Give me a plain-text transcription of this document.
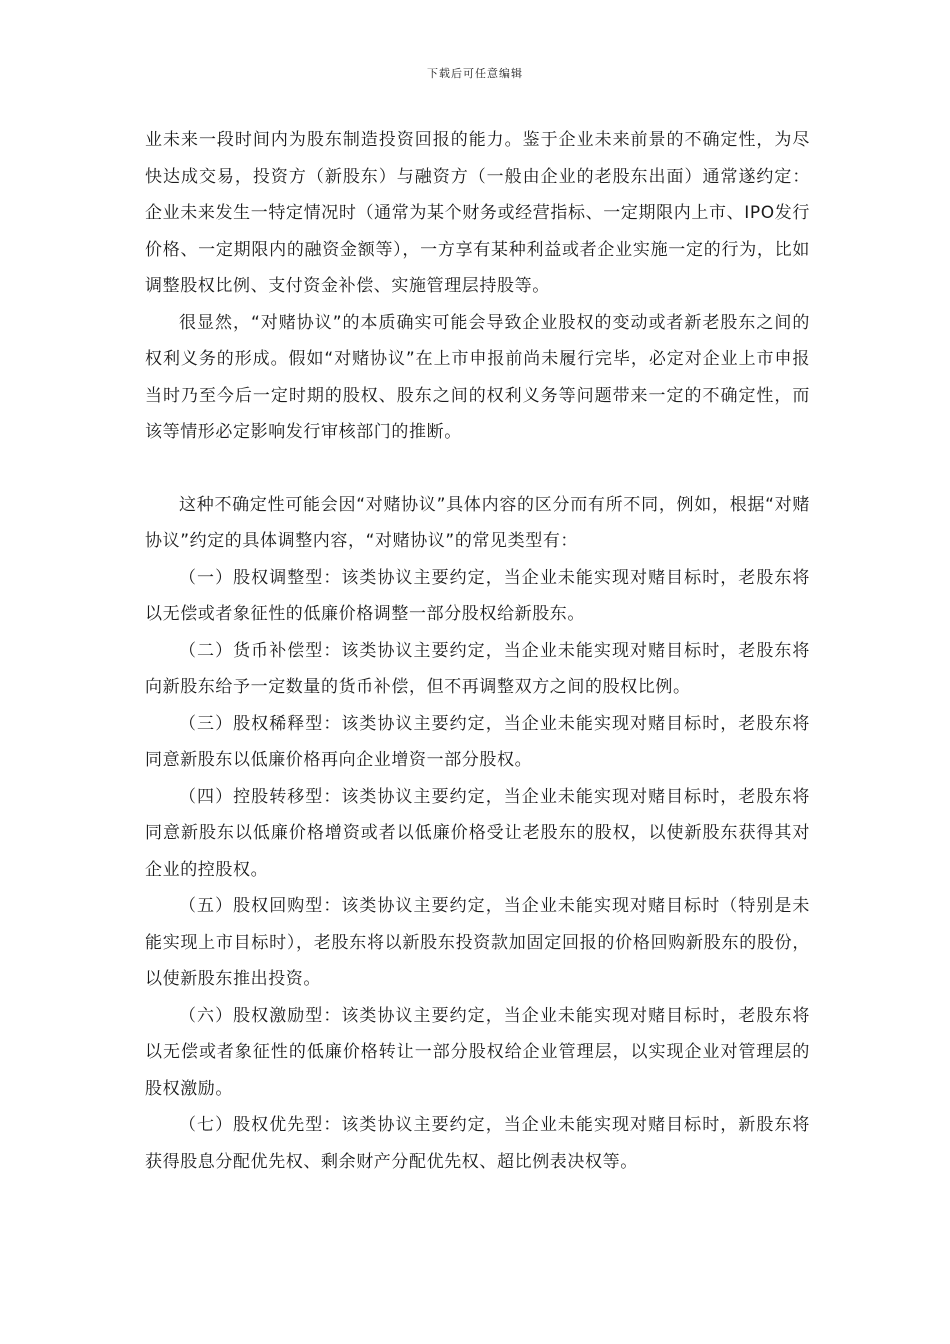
下载后可任意编辑

业未来一段时间内为股东制造投资回报的能力。鉴于企业未来前景的不确定性，为尽快达成交易，投资方（新股东）与融资方（一般由企业的老股东出面）通常遂约定：企业未来发生一特定情况时（通常为某个财务或经营指标、一定期限内上市、IPO发行价格、一定期限内的融资金额等），一方享有某种利益或者企业实施一定的行为，比如调整股权比例、支付资金补偿、实施管理层持股等。

很显然，“对赌协议”的本质确实可能会导致企业股权的变动或者新老股东之间的权利义务的形成。假如“对赌协议”在上市申报前尚未履行完毕，必定对企业上市申报当时乃至今后一定时期的股权、股东之间的权利义务等问题带来一定的不确定性，而该等情形必定影响发行审核部门的推断。

这种不确定性可能会因“对赌协议”具体内容的区分而有所不同，例如，根据“对赌协议”约定的具体调整内容，“对赌协议”的常见类型有：

（一）股权调整型：该类协议主要约定，当企业未能实现对赌目标时，老股东将以无偿或者象征性的低廉价格调整一部分股权给新股东。

（二）货币补偿型：该类协议主要约定，当企业未能实现对赌目标时，老股东将向新股东给予一定数量的货币补偿，但不再调整双方之间的股权比例。

（三）股权稀释型：该类协议主要约定，当企业未能实现对赌目标时，老股东将同意新股东以低廉价格再向企业增资一部分股权。

（四）控股转移型：该类协议主要约定，当企业未能实现对赌目标时，老股东将同意新股东以低廉价格增资或者以低廉价格受让老股东的股权，以使新股东获得其对企业的控股权。

（五）股权回购型：该类协议主要约定，当企业未能实现对赌目标时（特别是未能实现上市目标时），老股东将以新股东投资款加固定回报的价格回购新股东的股份，以使新股东推出投资。

（六）股权激励型：该类协议主要约定，当企业未能实现对赌目标时，老股东将以无偿或者象征性的低廉价格转让一部分股权给企业管理层，以实现企业对管理层的股权激励。

（七）股权优先型：该类协议主要约定，当企业未能实现对赌目标时，新股东将获得股息分配优先权、剩余财产分配优先权、超比例表决权等。
